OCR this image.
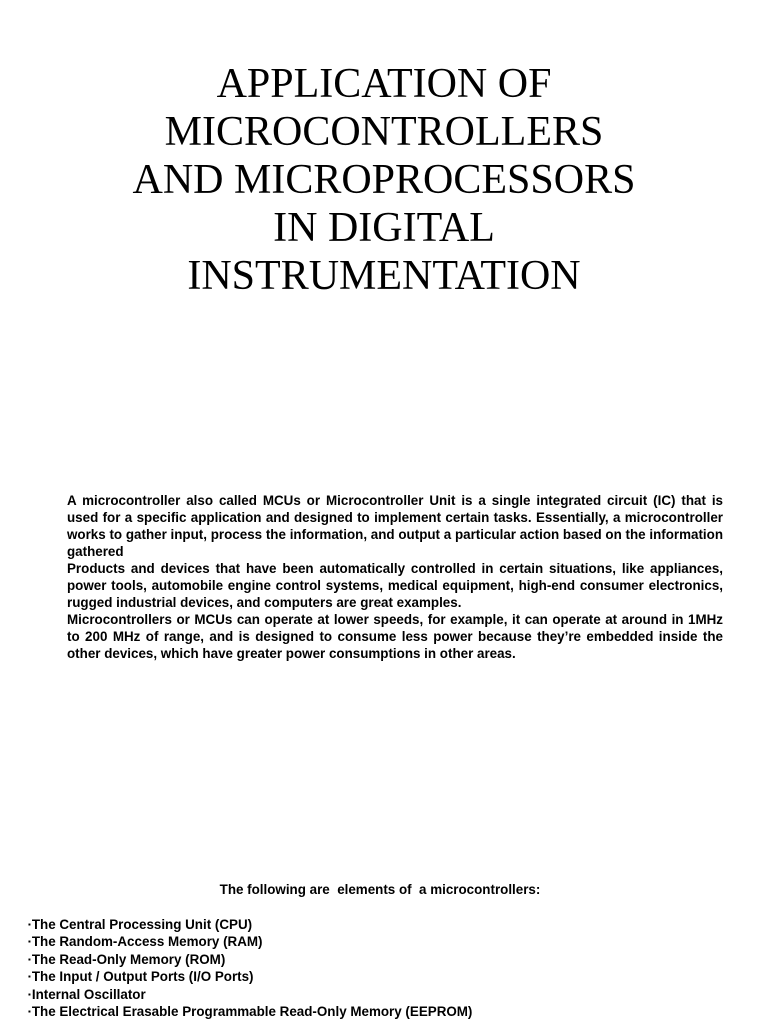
APPLICATION OF
MICROCONTROLLERS
AND MICROPROCESSORS
IN DIGITAL
INSTRUMENTATION

A microcontroller also called MCUs or Microcontroller Unit is a single integrated circuit (IC) that is used for a specific application and designed to implement certain tasks. Essentially, a microcontroller works to gather input, process the information, and output a particular action based on the information gathered

Products and devices that have been automatically controlled in certain situations, like appliances, power tools, automobile engine control systems, medical equipment, high-end consumer electronics, rugged industrial devices, and computers are great examples.

Microcontrollers or MCUs can operate at lower speeds, for example, it can operate at around in 1MHz to 200 MHz of range, and is designed to consume less power because they’re embedded inside the other devices, which have greater power consumptions in other areas.

The following are  elements of  a microcontrollers:

▪The Central Processing Unit (CPU)
▪The Random-Access Memory (RAM)
▪The Read-Only Memory (ROM)
▪The Input / Output Ports (I/O Ports)
▪Internal Oscillator
▪The Electrical Erasable Programmable Read-Only Memory (EEPROM)
